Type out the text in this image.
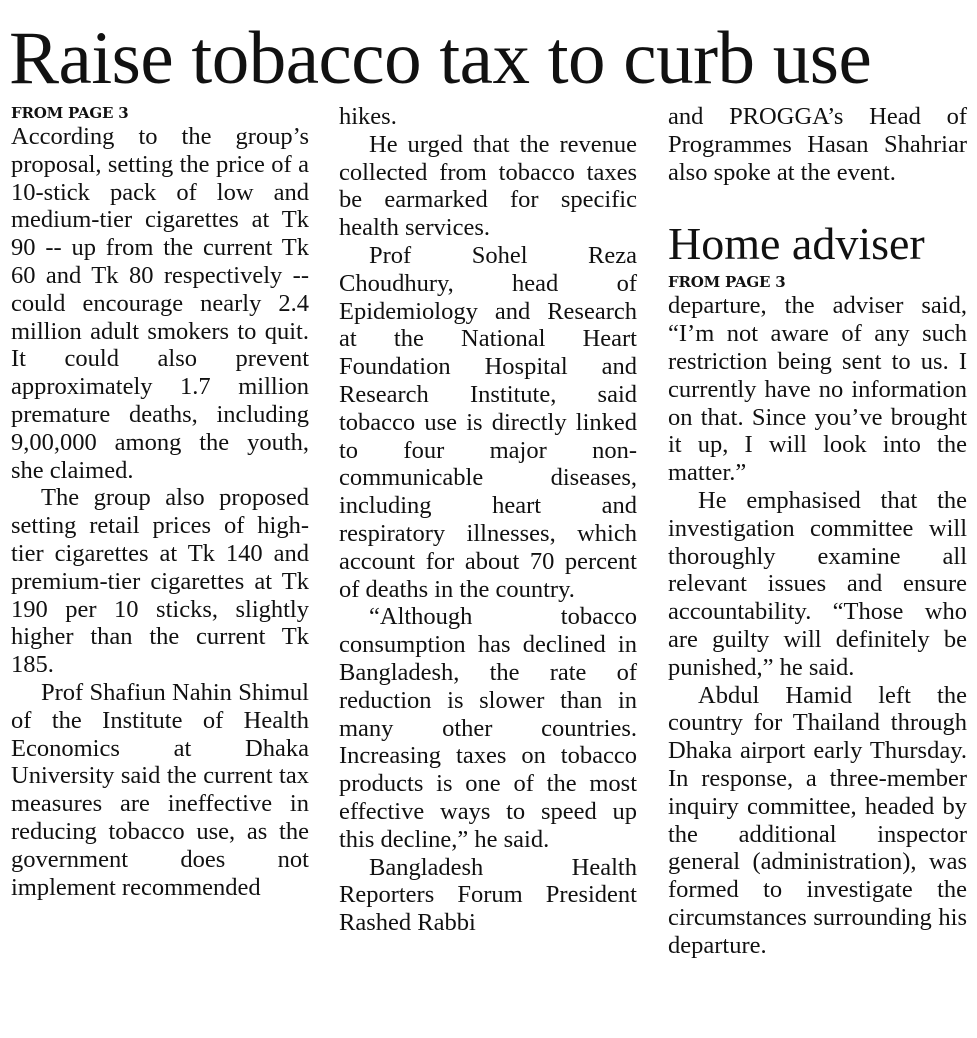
Raise tobacco tax to curb use
FROM PAGE 3

According to the group’s proposal, setting the price of a 10-stick pack of low and medium-tier cigarettes at Tk 90 -- up from the current Tk 60 and Tk 80 respectively -- could encourage nearly 2.4 million adult smokers to quit. It could also prevent approximately 1.7 million premature deaths, including 9,00,000 among the youth, she claimed.

The group also proposed setting retail prices of high-tier cigarettes at Tk 140 and premium-tier cigarettes at Tk 190 per 10 sticks, slightly higher than the current Tk 185.

Prof Shafiun Nahin Shimul of the Institute of Health Economics at Dhaka University said the current tax measures are ineffective in reducing tobacco use, as the government does not implement recommended

hikes.

He urged that the revenue collected from tobacco taxes be earmarked for specific health services.

Prof Sohel Reza Choudhury, head of Epidemiology and Research at the National Heart Foundation Hospital and Research Institute, said tobacco use is directly linked to four major non-communicable diseases, including heart and respiratory illnesses, which account for about 70 percent of deaths in the country.

“Although tobacco consumption has declined in Bangladesh, the rate of reduction is slower than in many other countries. Increasing taxes on tobacco products is one of the most effective ways to speed up this decline,” he said.

Bangladesh Health Reporters Forum President Rashed Rabbi

and PROGGA’s Head of Programmes Hasan Shahriar also spoke at the event.

Home adviser
FROM PAGE 3

departure, the adviser said, “I’m not aware of any such restriction being sent to us. I currently have no information on that. Since you’ve brought it up, I will look into the matter.”

He emphasised that the investigation committee will thoroughly examine all relevant issues and ensure accountability. “Those who are guilty will definitely be punished,” he said.

Abdul Hamid left the country for Thailand through Dhaka airport early Thursday. In response, a three-member inquiry committee, headed by the additional inspector general (administration), was formed to investigate the circumstances surrounding his departure.
